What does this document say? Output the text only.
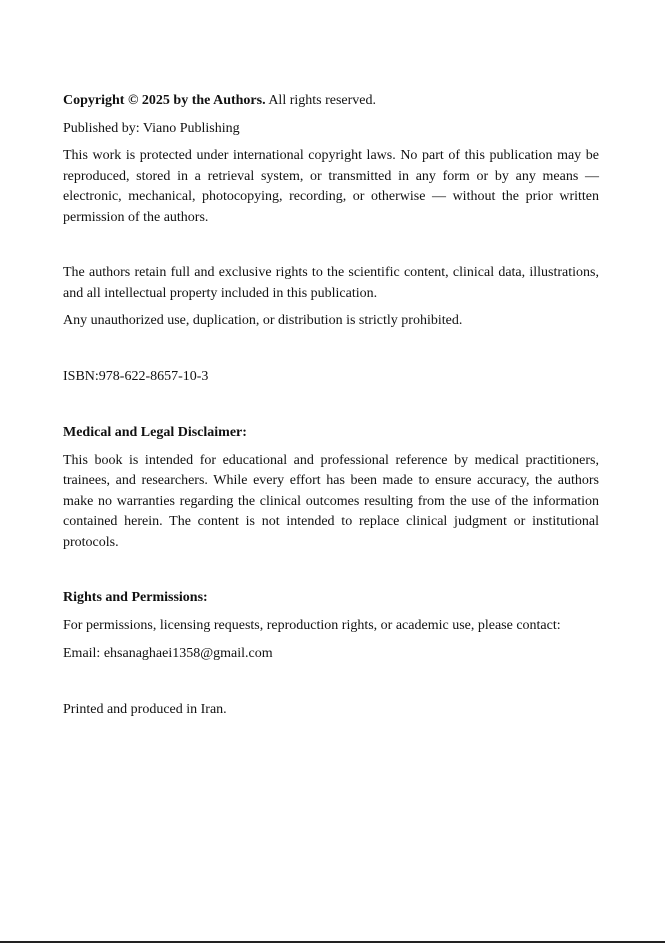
Copyright © 2025 by the Authors. All rights reserved.

Published by: Viano Publishing

This work is protected under international copyright laws. No part of this publication may be reproduced, stored in a retrieval system, or transmitted in any form or by any means — electronic, mechanical, photocopying, recording, or otherwise — without the prior written permission of the authors.

The authors retain full and exclusive rights to the scientific content, clinical data, illustrations, and all intellectual property included in this publication.

Any unauthorized use, duplication, or distribution is strictly prohibited.

ISBN:978-622-8657-10-3

Medical and Legal Disclaimer:

This book is intended for educational and professional reference by medical practitioners, trainees, and researchers. While every effort has been made to ensure accuracy, the authors make no warranties regarding the clinical outcomes resulting from the use of the information contained herein. The content is not intended to replace clinical judgment or institutional protocols.

Rights and Permissions:

For permissions, licensing requests, reproduction rights, or academic use, please contact:

Email: ehsanaghaei1358@gmail.com

Printed and produced in Iran.
